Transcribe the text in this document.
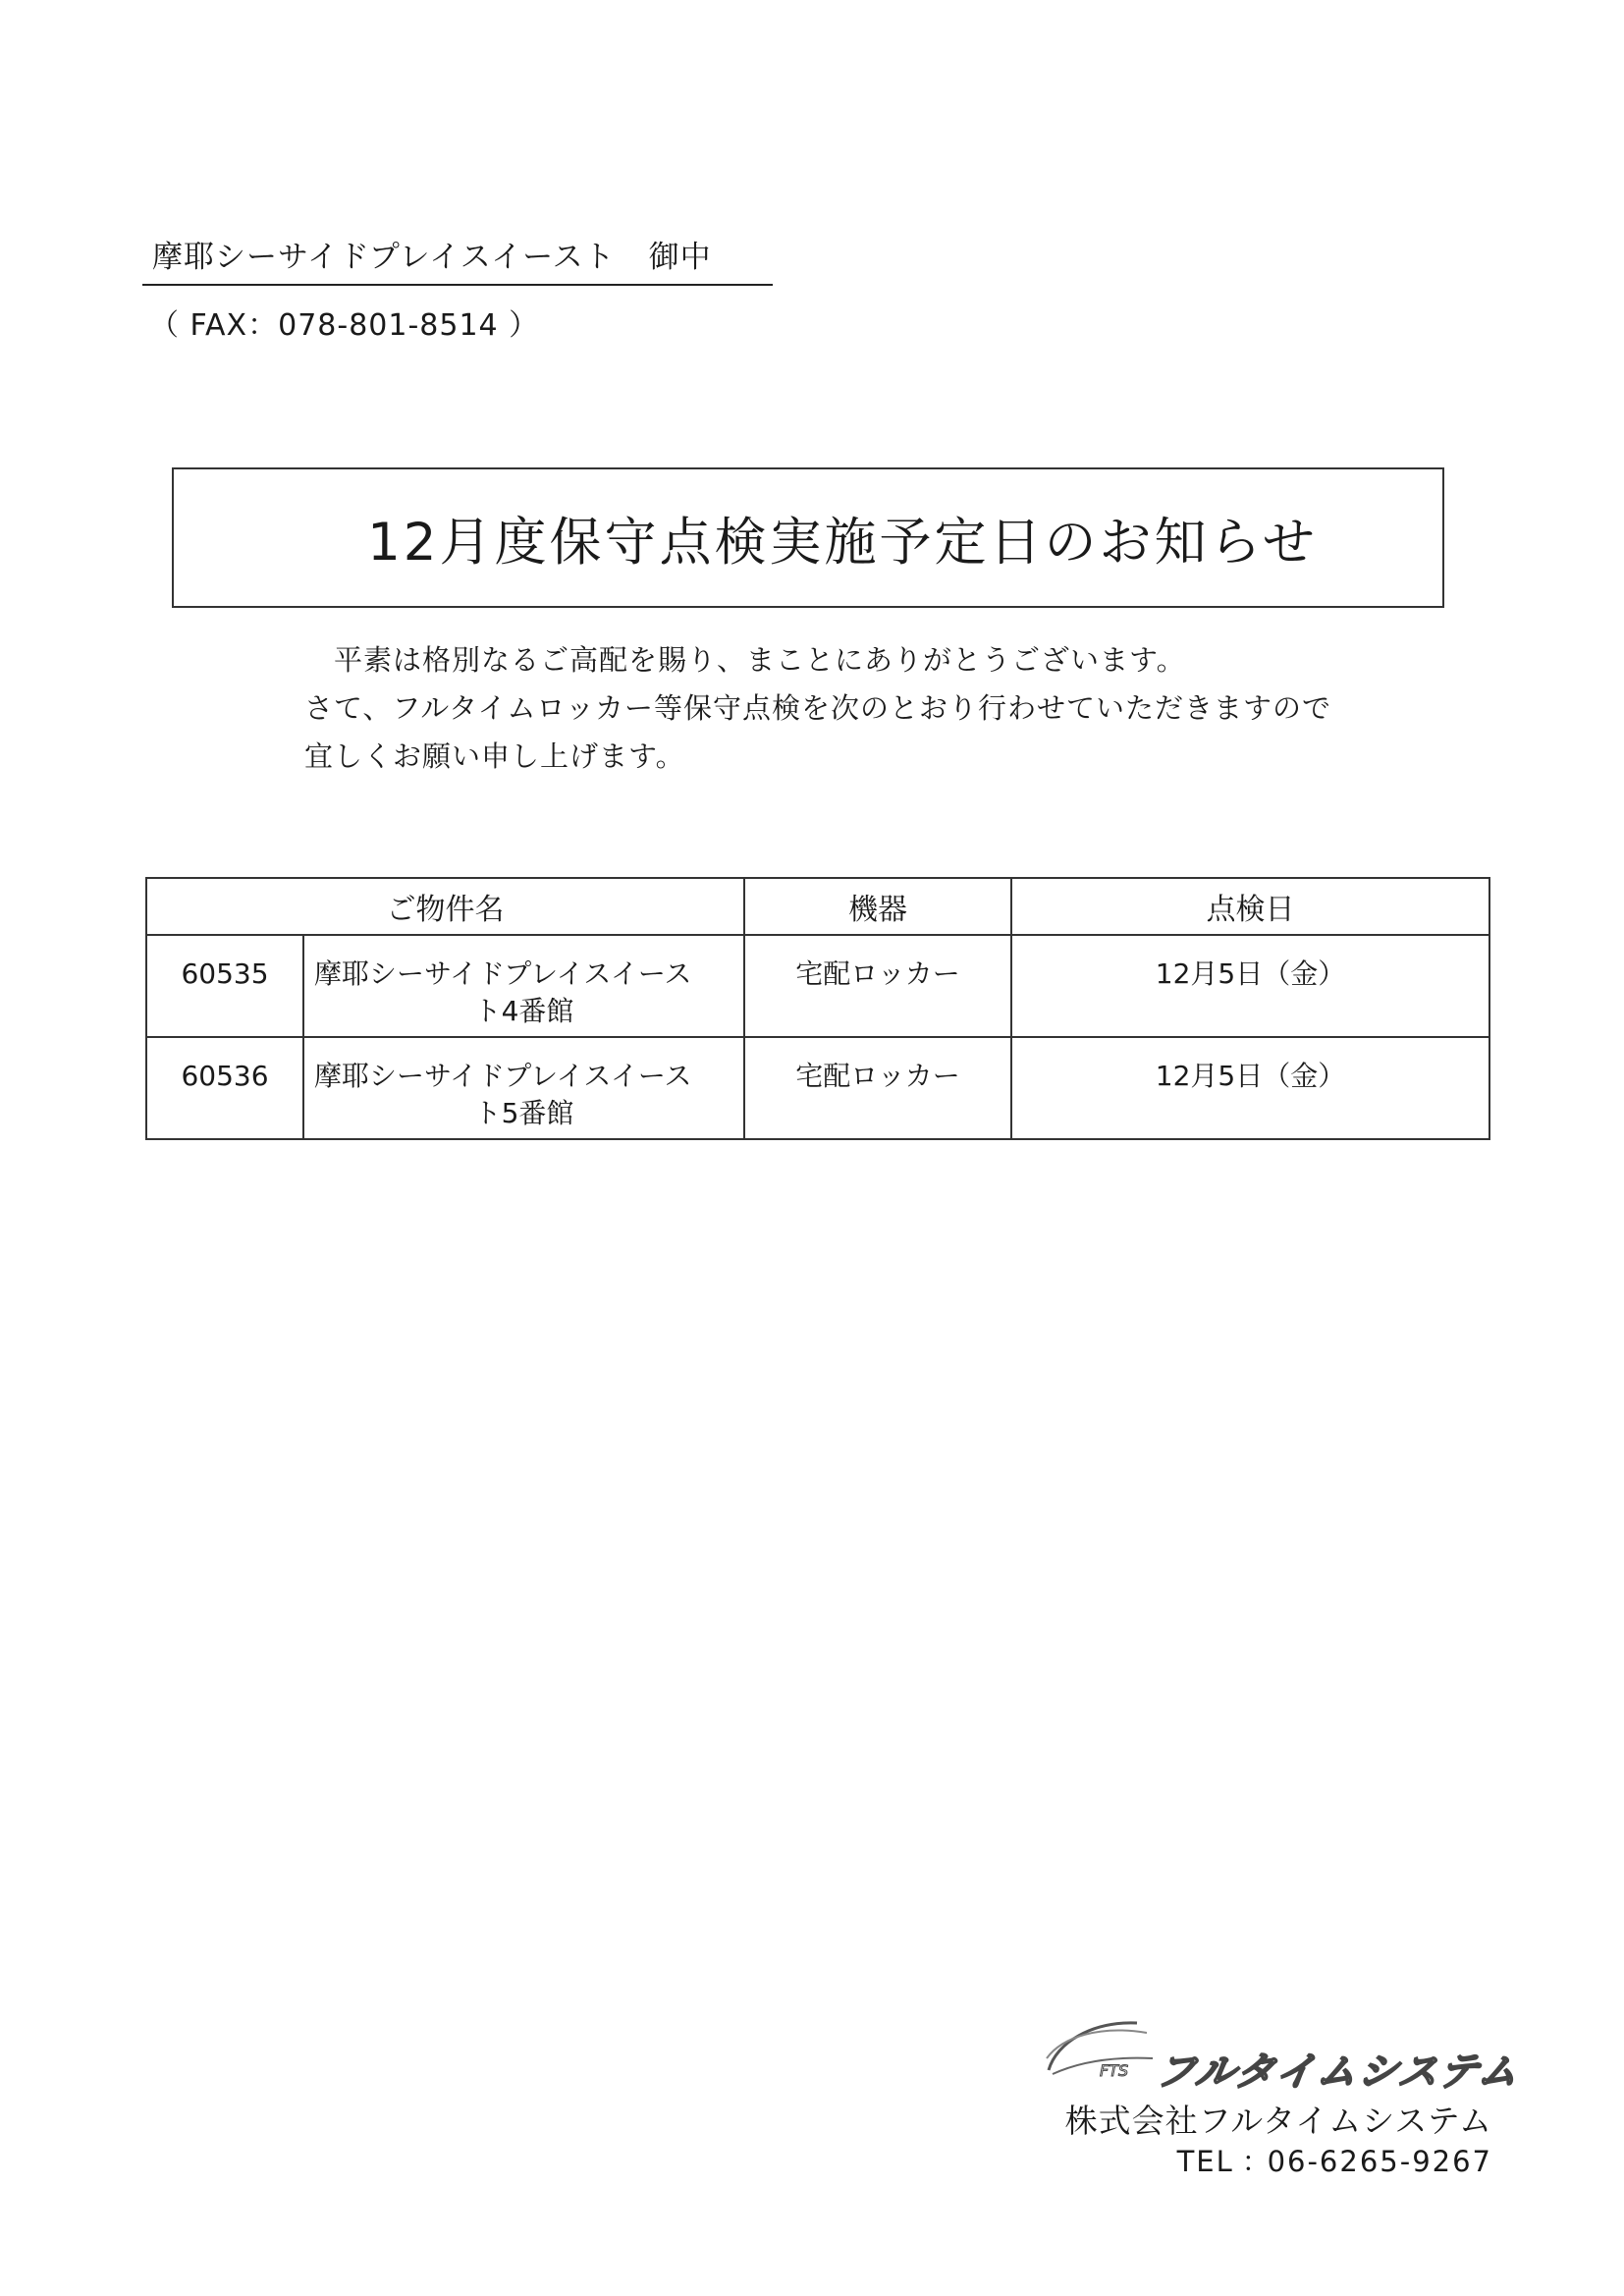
摩耶シーサイドプレイスイースト 御中
（ FAX：078-801-8514 ）
12月度保守点検実施予定日のお知らせ
平素は格別なるご高配を賜り、まことにありがとうございます。
さて、フルタイムロッカー等保守点検を次のとおり行わせていただきますので
宜しくお願い申し上げます。
ご物件名		機器	点検日
60535	摩耶シーサイドプレイスイース
ト4番館	宅配ロッカー	12月5日（金）
60536	摩耶シーサイドプレイスイース
ト5番館	宅配ロッカー	12月5日（金）
FTS フルタイムシステム
株式会社フルタイムシステム
TEL ：06-6265-9267
